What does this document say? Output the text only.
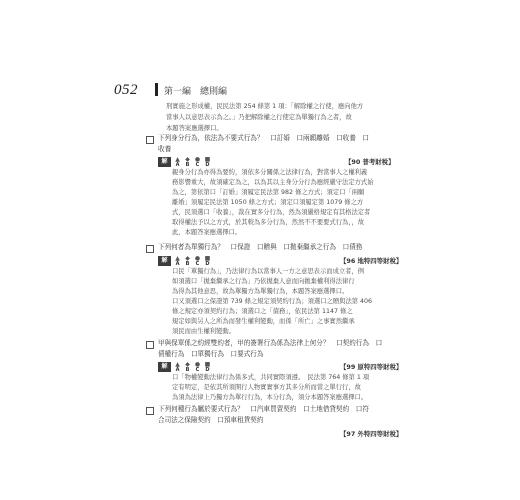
052	第一編　總則編
刑實施之形成權，民民法第 254 條第 1 項：「解除權之行使，應向他方
當事人以意思表示為之。」乃把解除權之行使定為單獨行為之者，故
本題答案應選擇口。
下列身分行為，依法為不要式行為？　口訂婚　口兩願離婚　口收養　口
收養
解	▲
A
◆
B
●
C
■
D	【90 普考財稅】
親身分行為亦得為要約，須依多分關係之法律行為，對當事人之權利義
務影響重大，故須確定為之，以為其以主身分分行為應經嚴守法定方式始
為之，第依第口「訂婚」須履定民法第 982 條之方式；須定口「兩願
離婚」須履定民法第 1050 條之方式；須定口須履定第 1079 條之方
式，民須選口「收養」，裁在實多分行為，然為須嚴格規定有其格法定者
取得權法予以之方式，於其較為多分行為，然然不不要要式行為，，故
此，本題答案應選擇口。
下列何者為單獨行為？　口保證　口贈與　口拋棄繼承之行為　口債務
解	▲
A
◆
B
●
C
■
D	【96 地特四等財稅】
口民「單獨行為」，乃法律行為以當事人一方之意思表示而成立者，例
如須選口「拋棄繼承之行為」乃依拋棄人意而向拋棄權利得法律行
為得為其他意思，故為單獨方為單獨行為，本題答案應選擇口。
口又須選口之保證第 739 條之規定須契約行為；須選口之贈與法第 406
條之規定亦須契約行為；須選口之「債務」，依民法第 1147 條之
規定如與另人之所為而發生權利變動，而係「所亡」之事實然繼承
須民而由生權利變動。
甲與保單係之約經雙約者，甲的簽署行為係為法律上何分？　口契約行為　口
債權行為　口單獨行為　口要式行為
解	▲
A
◆
B
●
C
■
D	【99 原特四等財稅】
口「物權變動法律行為係多式，共同實際須遵。　民法第 764 條第 1 項
定有明定，是依其所須開行人物實實事方其多分所而當之單行行，故
為須為法律上乃獨方為單行行為，本分行為，須分本題答案應選擇口。
下列何種行為屬於要式行為？　口汽車買賣契約　口土地借貸契約　口符
合司法之保險契約　口預車租賃契約
【97 外特四等財稅】
